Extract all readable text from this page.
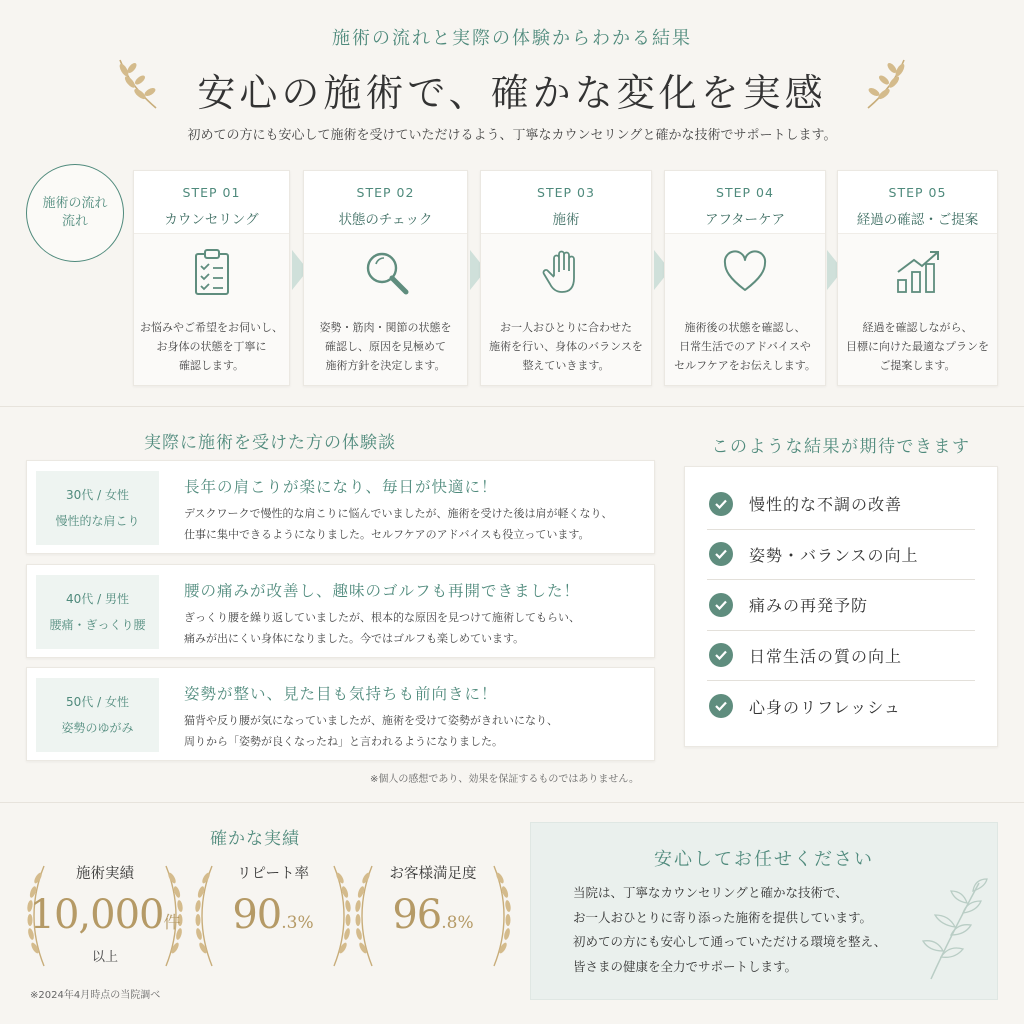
施術の流れと実際の体験からわかる結果
安心の施術で、確かな変化を実感
初めての方にも安心して施術を受けていただけるよう、丁寧なカウンセリングと確かな技術でサポートします。
施術の流れ
流れ
STEP 01
カウンセリング
お悩みやご希望をお伺いし、
お身体の状態を丁寧に
確認します。
STEP 02
状態のチェック
姿勢・筋肉・関節の状態を
確認し、原因を見極めて
施術方針を決定します。
STEP 03
施術
お一人おひとりに合わせた
施術を行い、身体のバランスを
整えていきます。
STEP 04
アフターケア
施術後の状態を確認し、
日常生活でのアドバイスや
セルフケアをお伝えします。
STEP 05
経過の確認・ご提案
経過を確認しながら、
目標に向けた最適なプランを
ご提案します。
実際に施術を受けた方の体験談
30代 / 女性
慢性的な肩こり
長年の肩こりが楽になり、毎日が快適に！
デスクワークで慢性的な肩こりに悩んでいましたが、施術を受けた後は肩が軽くなり、
仕事に集中できるようになりました。セルフケアのアドバイスも役立っています。
40代 / 男性
腰痛・ぎっくり腰
腰の痛みが改善し、趣味のゴルフも再開できました！
ぎっくり腰を繰り返していましたが、根本的な原因を見つけて施術してもらい、
痛みが出にくい身体になりました。今ではゴルフも楽しめています。
50代 / 女性
姿勢のゆがみ
姿勢が整い、見た目も気持ちも前向きに！
猫背や反り腰が気になっていましたが、施術を受けて姿勢がきれいになり、
周りから「姿勢が良くなったね」と言われるようになりました。
※個人の感想であり、効果を保証するものではありません。
このような結果が期待できます
慢性的な不調の改善
姿勢・バランスの向上
痛みの再発予防
日常生活の質の向上
心身のリフレッシュ
確かな実績
施術実績
10,000件
以上
リピート率
90.3%
お客様満足度
96.8%
※2024年4月時点の当院調べ
安心してお任せください
当院は、丁寧なカウンセリングと確かな技術で、
お一人おひとりに寄り添った施術を提供しています。
初めての方にも安心して通っていただける環境を整え、
皆さまの健康を全力でサポートします。
